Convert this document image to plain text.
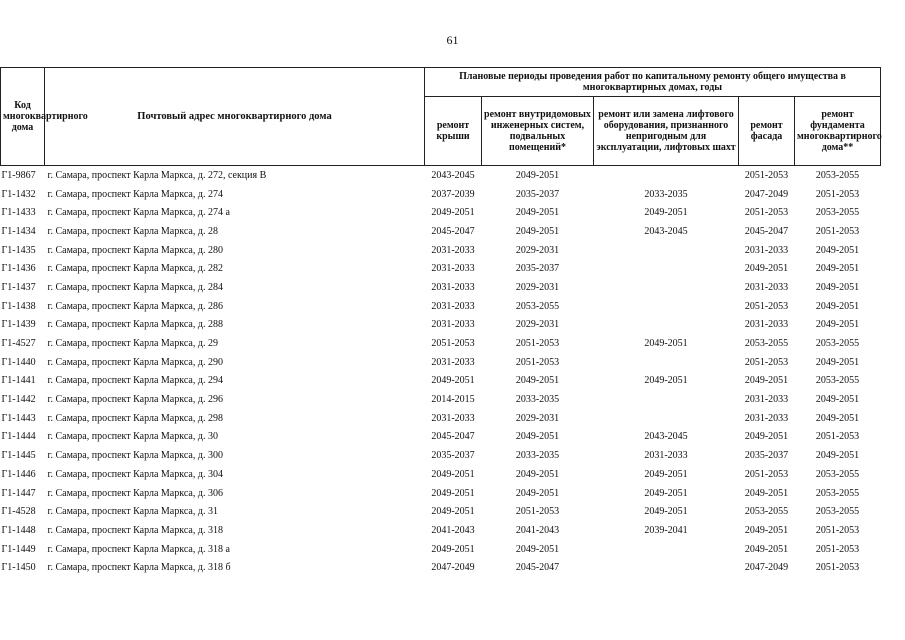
61
Код многоквартирного дома	Почтовый адрес многоквартирного дома	Плановые периоды проведения работ по капитальному ремонту общего имущества в многоквартирных домах, годы				
		ремонт крыши	ремонт внутридомовых инженерных систем, подвальных помещений*	ремонт или замена лифтового оборудования, признанного непригодным для эксплуатации, лифтовых шахт	ремонт фасада	ремонт фундамента многоквартирного дома**
Г1-9867	г. Самара, проспект Карла Маркса, д. 272, секция В	2043-2045	2049-2051		2051-2053	2053-2055
Г1-1432	г. Самара, проспект Карла Маркса, д. 274	2037-2039	2035-2037	2033-2035	2047-2049	2051-2053
Г1-1433	г. Самара, проспект Карла Маркса, д. 274 а	2049-2051	2049-2051	2049-2051	2051-2053	2053-2055
Г1-1434	г. Самара, проспект Карла Маркса, д. 28	2045-2047	2049-2051	2043-2045	2045-2047	2051-2053
Г1-1435	г. Самара, проспект Карла Маркса, д. 280	2031-2033	2029-2031		2031-2033	2049-2051
Г1-1436	г. Самара, проспект Карла Маркса, д. 282	2031-2033	2035-2037		2049-2051	2049-2051
Г1-1437	г. Самара, проспект Карла Маркса, д. 284	2031-2033	2029-2031		2031-2033	2049-2051
Г1-1438	г. Самара, проспект Карла Маркса, д. 286	2031-2033	2053-2055		2051-2053	2049-2051
Г1-1439	г. Самара, проспект Карла Маркса, д. 288	2031-2033	2029-2031		2031-2033	2049-2051
Г1-4527	г. Самара, проспект Карла Маркса, д. 29	2051-2053	2051-2053	2049-2051	2053-2055	2053-2055
Г1-1440	г. Самара, проспект Карла Маркса, д. 290	2031-2033	2051-2053		2051-2053	2049-2051
Г1-1441	г. Самара, проспект Карла Маркса, д. 294	2049-2051	2049-2051	2049-2051	2049-2051	2053-2055
Г1-1442	г. Самара, проспект Карла Маркса, д. 296	2014-2015	2033-2035		2031-2033	2049-2051
Г1-1443	г. Самара, проспект Карла Маркса, д. 298	2031-2033	2029-2031		2031-2033	2049-2051
Г1-1444	г. Самара, проспект Карла Маркса, д. 30	2045-2047	2049-2051	2043-2045	2049-2051	2051-2053
Г1-1445	г. Самара, проспект Карла Маркса, д. 300	2035-2037	2033-2035	2031-2033	2035-2037	2049-2051
Г1-1446	г. Самара, проспект Карла Маркса, д. 304	2049-2051	2049-2051	2049-2051	2051-2053	2053-2055
Г1-1447	г. Самара, проспект Карла Маркса, д. 306	2049-2051	2049-2051	2049-2051	2049-2051	2053-2055
Г1-4528	г. Самара, проспект Карла Маркса, д. 31	2049-2051	2051-2053	2049-2051	2053-2055	2053-2055
Г1-1448	г. Самара, проспект Карла Маркса, д. 318	2041-2043	2041-2043	2039-2041	2049-2051	2051-2053
Г1-1449	г. Самара, проспект Карла Маркса, д. 318 а	2049-2051	2049-2051		2049-2051	2051-2053
Г1-1450	г. Самара, проспект Карла Маркса, д. 318 б	2047-2049	2045-2047		2047-2049	2051-2053
